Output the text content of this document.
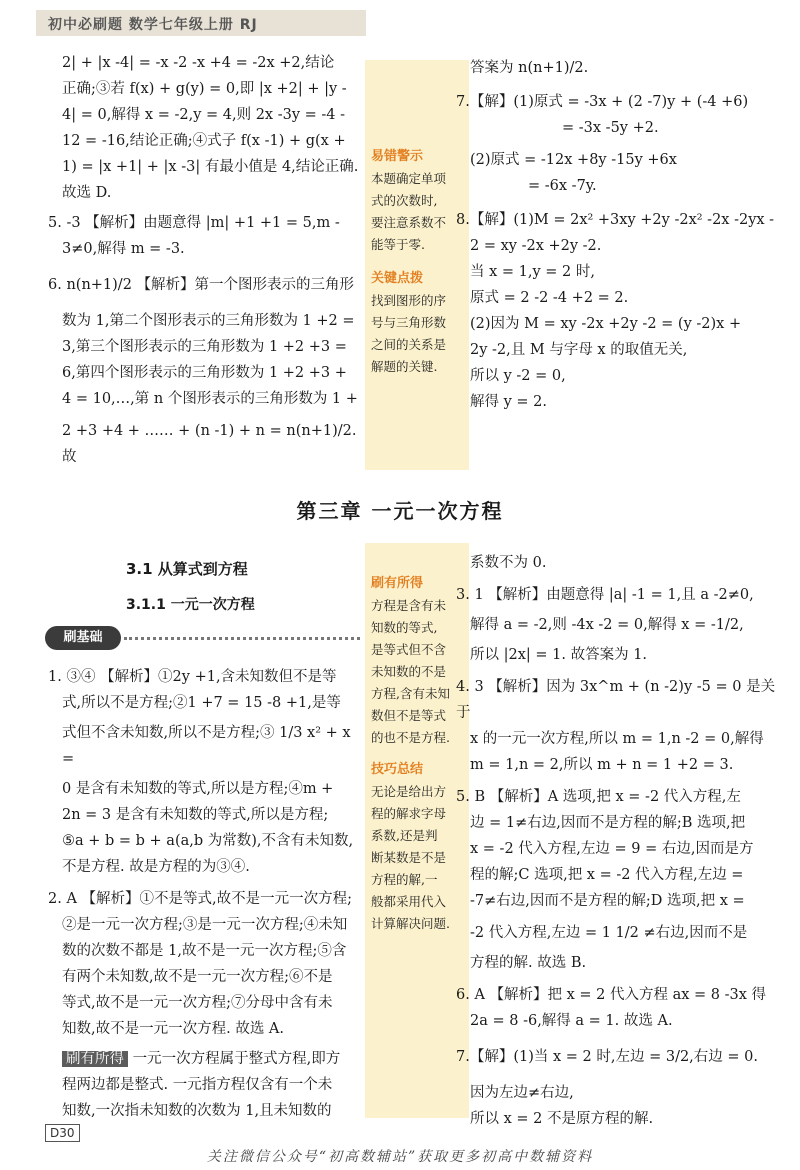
初中必刷题 数学七年级上册 RJ

2| + |x -4| = -x -2 -x +4 = -2x +2,结论

正确;③若 f(x) + g(y) = 0,即 |x +2| + |y -

4| = 0,解得 x = -2,y = 4,则 2x -3y = -4 -

12 = -16,结论正确;④式子 f(x -1) + g(x +

1) = |x +1| + |x -3| 有最小值是 4,结论正确.

故选 D.

5. -3 【解析】由题意得 |m| +1 +1 = 5,m -

3≠0,解得 m = -3.

6. n(n+1)/2 【解析】第一个图形表示的三角形

数为 1,第二个图形表示的三角形数为 1 +2 =

3,第三个图形表示的三角形数为 1 +2 +3 =

6,第四个图形表示的三角形数为 1 +2 +3 +

4 = 10,…,第 n 个图形表示的三角形数为 1 +

2 +3 +4 + …… + (n -1) + n = n(n+1)/2. 故

易错警示
本题确定单项
式的次数时,
要注意系数不
能等于零.
关键点拨
找到图形的序
号与三角形数
之间的关系是
解题的关键.

答案为 n(n+1)/2.

7.【解】(1)原式 = -3x + (2 -7)y + (-4 +6)

= -3x -5y +2.

(2)原式 = -12x +8y -15y +6x

= -6x -7y.

8.【解】(1)M = 2x² +3xy +2y -2x² -2x -2yx -

2 = xy -2x +2y -2.

当 x = 1,y = 2 时,

原式 = 2 -2 -4 +2 = 2.

(2)因为 M = xy -2x +2y -2 = (y -2)x +

2y -2,且 M 与字母 x 的取值无关,

所以 y -2 = 0,

解得 y = 2.

第三章 一元一次方程
3.1 从算式到方程
3.1.1 一元一次方程
刷基础

1. ③④ 【解析】①2y +1,含未知数但不是等

式,所以不是方程;②1 +7 = 15 -8 +1,是等

式但不含未知数,所以不是方程;③ 1/3 x² + x =

0 是含有未知数的等式,所以是方程;④m +

2n = 3 是含有未知数的等式,所以是方程;

⑤a + b = b + a(a,b 为常数),不含有未知数,

不是方程. 故是方程的为③④.

2. A 【解析】①不是等式,故不是一元一次方程;

②是一元一次方程;③是一元一次方程;④未知

数的次数不都是 1,故不是一元一次方程;⑤含

有两个未知数,故不是一元一次方程;⑥不是

等式,故不是一元一次方程;⑦分母中含有未

知数,故不是一元一次方程. 故选 A.

刷有所得 一元一次方程属于整式方程,即方

程两边都是整式. 一元指方程仅含有一个未

知数,一次指未知数的次数为 1,且未知数的

刷有所得
方程是含有未
知数的等式,
是等式但不含
未知数的不是
方程,含有未知
数但不是等式
的也不是方程.
技巧总结
无论是给出方
程的解求字母
系数,还是判
断某数是不是
方程的解,一
般都采用代入
计算解决问题.

系数不为 0.

3. 1 【解析】由题意得 |a| -1 = 1,且 a -2≠0,

解得 a = -2,则 -4x -2 = 0,解得 x = -1/2,

所以 |2x| = 1. 故答案为 1.

4. 3 【解析】因为 3x^m + (n -2)y -5 = 0 是关于

x 的一元一次方程,所以 m = 1,n -2 = 0,解得

m = 1,n = 2,所以 m + n = 1 +2 = 3.

5. B 【解析】A 选项,把 x = -2 代入方程,左

边 = 1≠右边,因而不是方程的解;B 选项,把

x = -2 代入方程,左边 = 9 = 右边,因而是方

程的解;C 选项,把 x = -2 代入方程,左边 =

-7≠右边,因而不是方程的解;D 选项,把 x =

-2 代入方程,左边 = 1 1/2 ≠右边,因而不是

方程的解. 故选 B.

6. A 【解析】把 x = 2 代入方程 ax = 8 -3x 得

2a = 8 -6,解得 a = 1. 故选 A.

7.【解】(1)当 x = 2 时,左边 = 3/2,右边 = 0.

因为左边≠右边,

所以 x = 2 不是原方程的解.

D30
关注微信公众号“初高数辅站”获取更多初高中数辅资料
